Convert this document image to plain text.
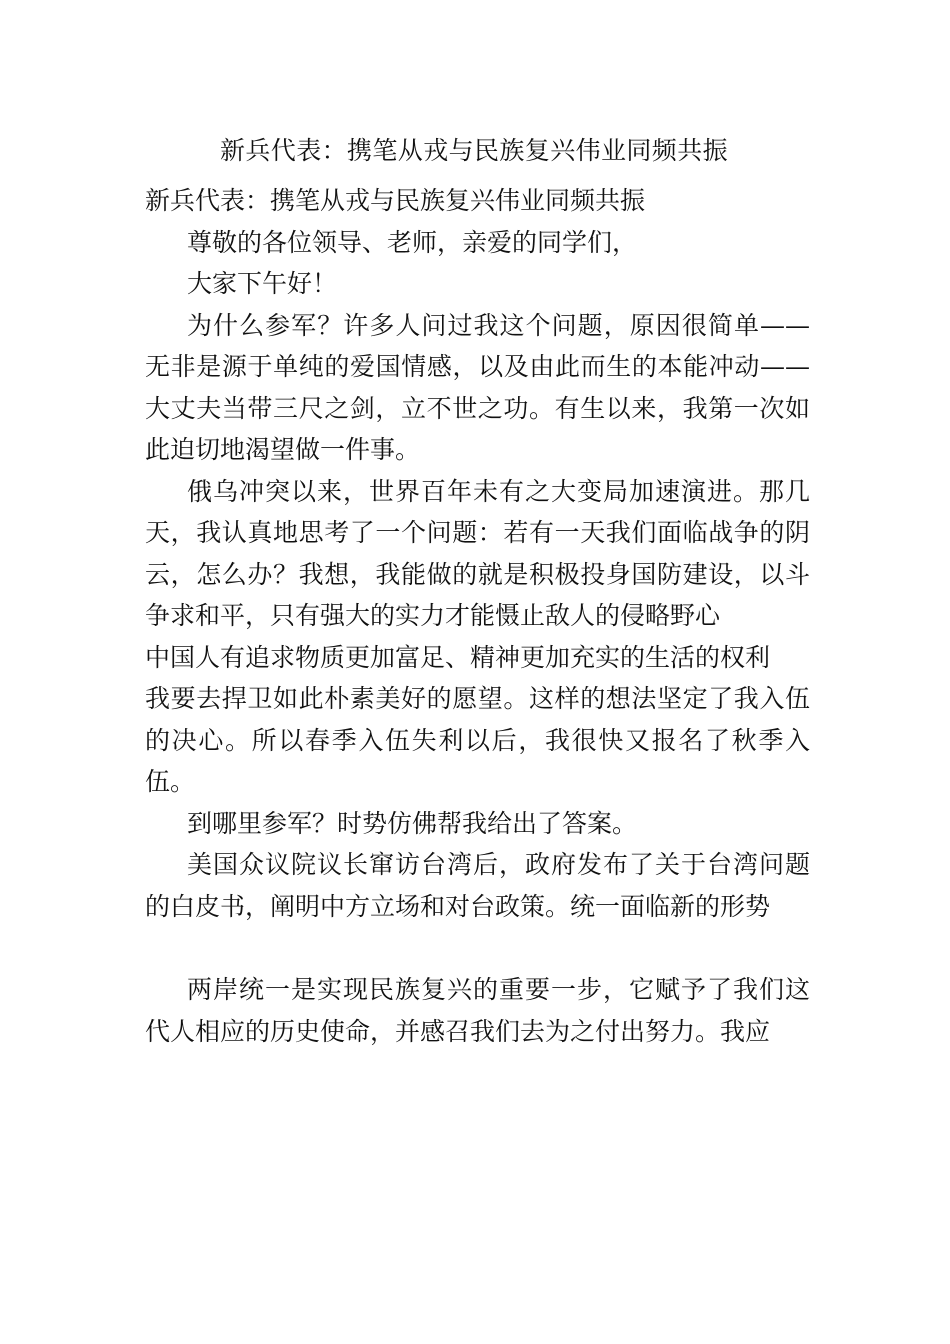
新兵代表：携笔从戎与民族复兴伟业同频共振

新兵代表：携笔从戎与民族复兴伟业同频共振

尊敬的各位领导、老师，亲爱的同学们，

大家下午好！

为什么参军？许多人问过我这个问题，原因很简单——无非是源于单纯的爱国情感，以及由此而生的本能冲动——大丈夫当带三尺之剑，立不世之功。有生以来，我第一次如此迫切地渴望做一件事。

俄乌冲突以来，世界百年未有之大变局加速演进。那几天，我认真地思考了一个问题：若有一天我们面临战争的阴云，怎么办？我想，我能做的就是积极投身国防建设，以斗争求和平，只有强大的实力才能慑止敌人的侵略野心

中国人有追求物质更加富足、精神更加充实的生活的权利

我要去捍卫如此朴素美好的愿望。这样的想法坚定了我入伍的决心。所以春季入伍失利以后，我很快又报名了秋季入伍。

到哪里参军？时势仿佛帮我给出了答案。

美国众议院议长窜访台湾后，政府发布了关于台湾问题的白皮书，阐明中方立场和对台政策。统一面临新的形势

两岸统一是实现民族复兴的重要一步，它赋予了我们这代人相应的历史使命，并感召我们去为之付出努力。我应
